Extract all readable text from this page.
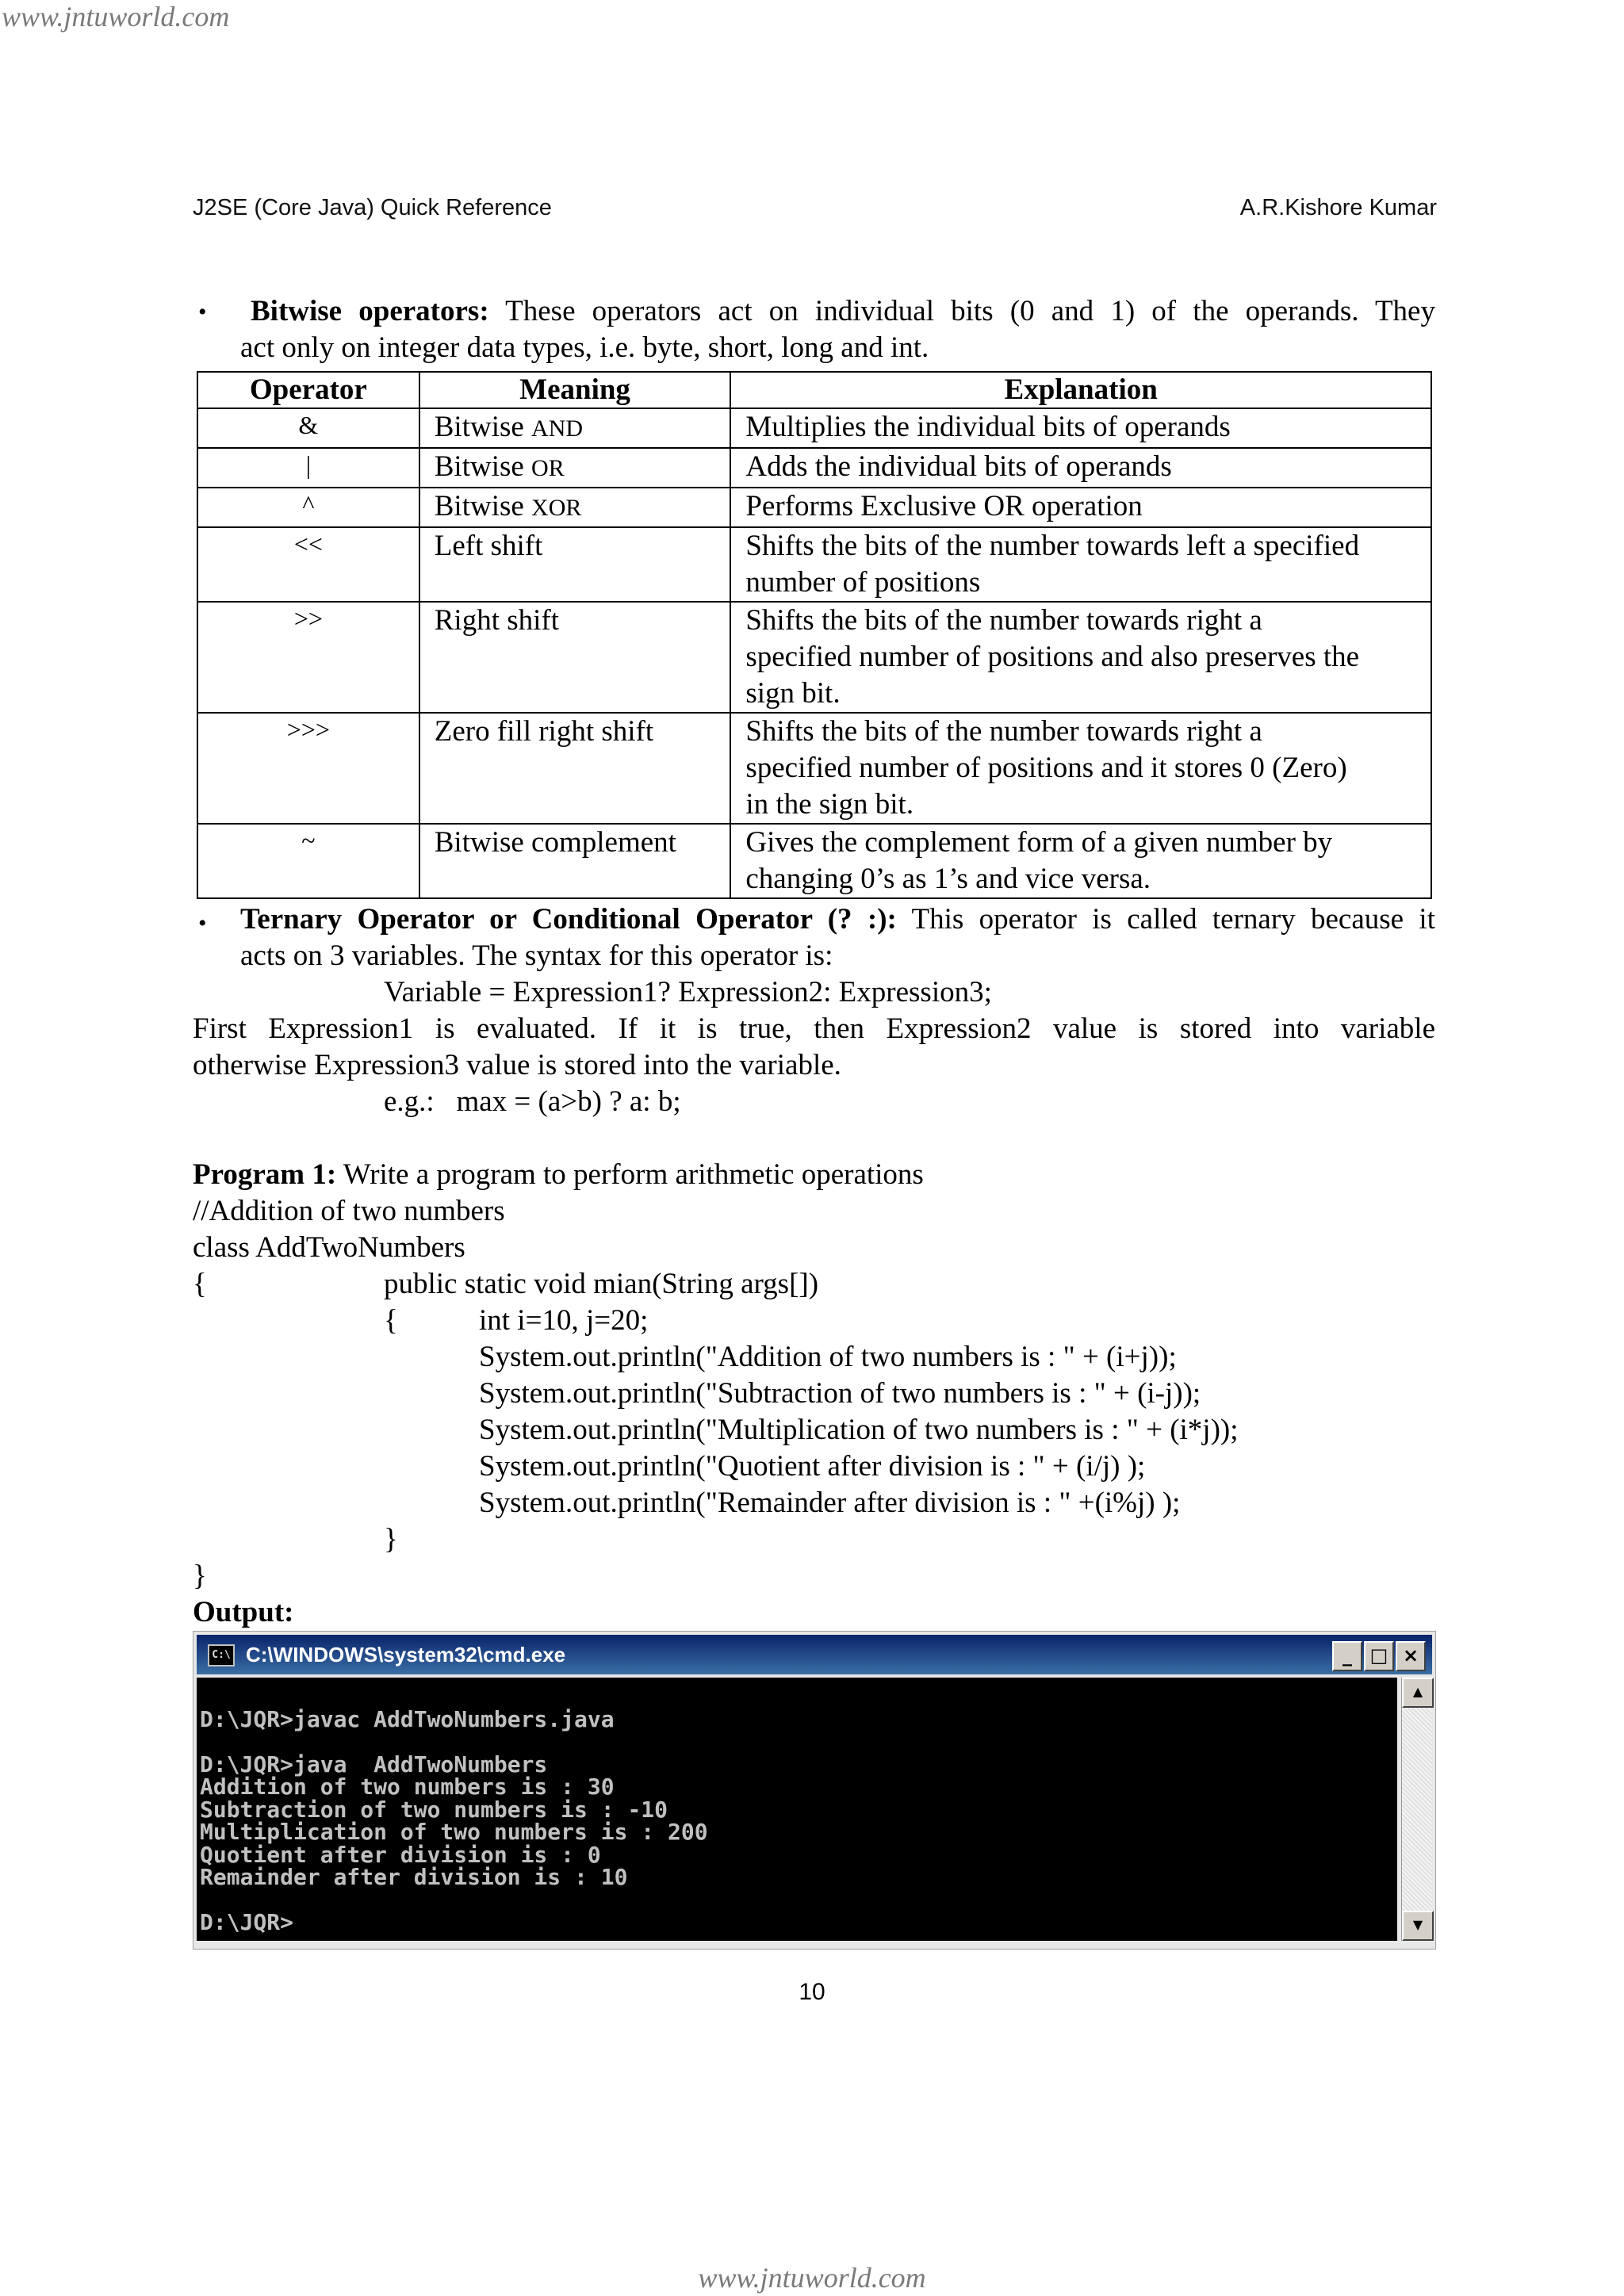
www.jntuworld.com
J2SE (Core Java) Quick Reference	A.R.Kishore Kumar
• Bitwise operators: These operators act on individual bits (0 and 1) of the operands. They
act only on integer data types, i.e. byte, short, long and int.
Operator	Meaning	Explanation
&	Bitwise AND	Multiplies the individual bits of operands

|	Bitwise OR	Adds the individual bits of operands

^	Bitwise XOR	Performs Exclusive OR operation

<<	Left shift	Shifts the bits of the number towards left a specified
number of positions

>>	Right shift	Shifts the bits of the number towards right a
specified number of positions and also preserves the
sign bit.

>>>	Zero fill right shift	Shifts the bits of the number towards right a
specified number of positions and it stores 0 (Zero)
in the sign bit.

~	Bitwise complement	Gives the complement form of a given number by
changing 0’s as 1’s and vice versa.
• Ternary Operator or Conditional Operator (? :): This operator is called ternary because it
acts on 3 variables. The syntax for this operator is:
Variable = Expression1? Expression2: Expression3;
First Expression1 is evaluated. If it is true, then Expression2 value is stored into variable
otherwise Expression3 value is stored into the variable.
e.g.:   max = (a>b) ? a: b;
Program 1: Write a program to perform arithmetic operations
//Addition of two numbers
class AddTwoNumbers
{	public static void mian(String args[])
{	int i=10, j=20;
System.out.println("Addition of two numbers is : " + (i+j));
System.out.println("Subtraction of two numbers is : " + (i-j));
System.out.println("Multiplication of two numbers is : " + (i*j));
System.out.println("Quotient after division is : " + (i/j) );
System.out.println("Remainder after division is : " +(i%j) );
}
}
Output:
C:\ C:\WINDOWS\system32\cmd.exe	_ □ ×
D:\JQR>javac AddTwoNumbers.java
D:\JQR>java  AddTwoNumbers
Addition of two numbers is : 30
Subtraction of two numbers is : -10
Multiplication of two numbers is : 200
Quotient after division is : 0
Remainder after division is : 10
D:\JQR>
▲
▼
10
www.jntuworld.com
